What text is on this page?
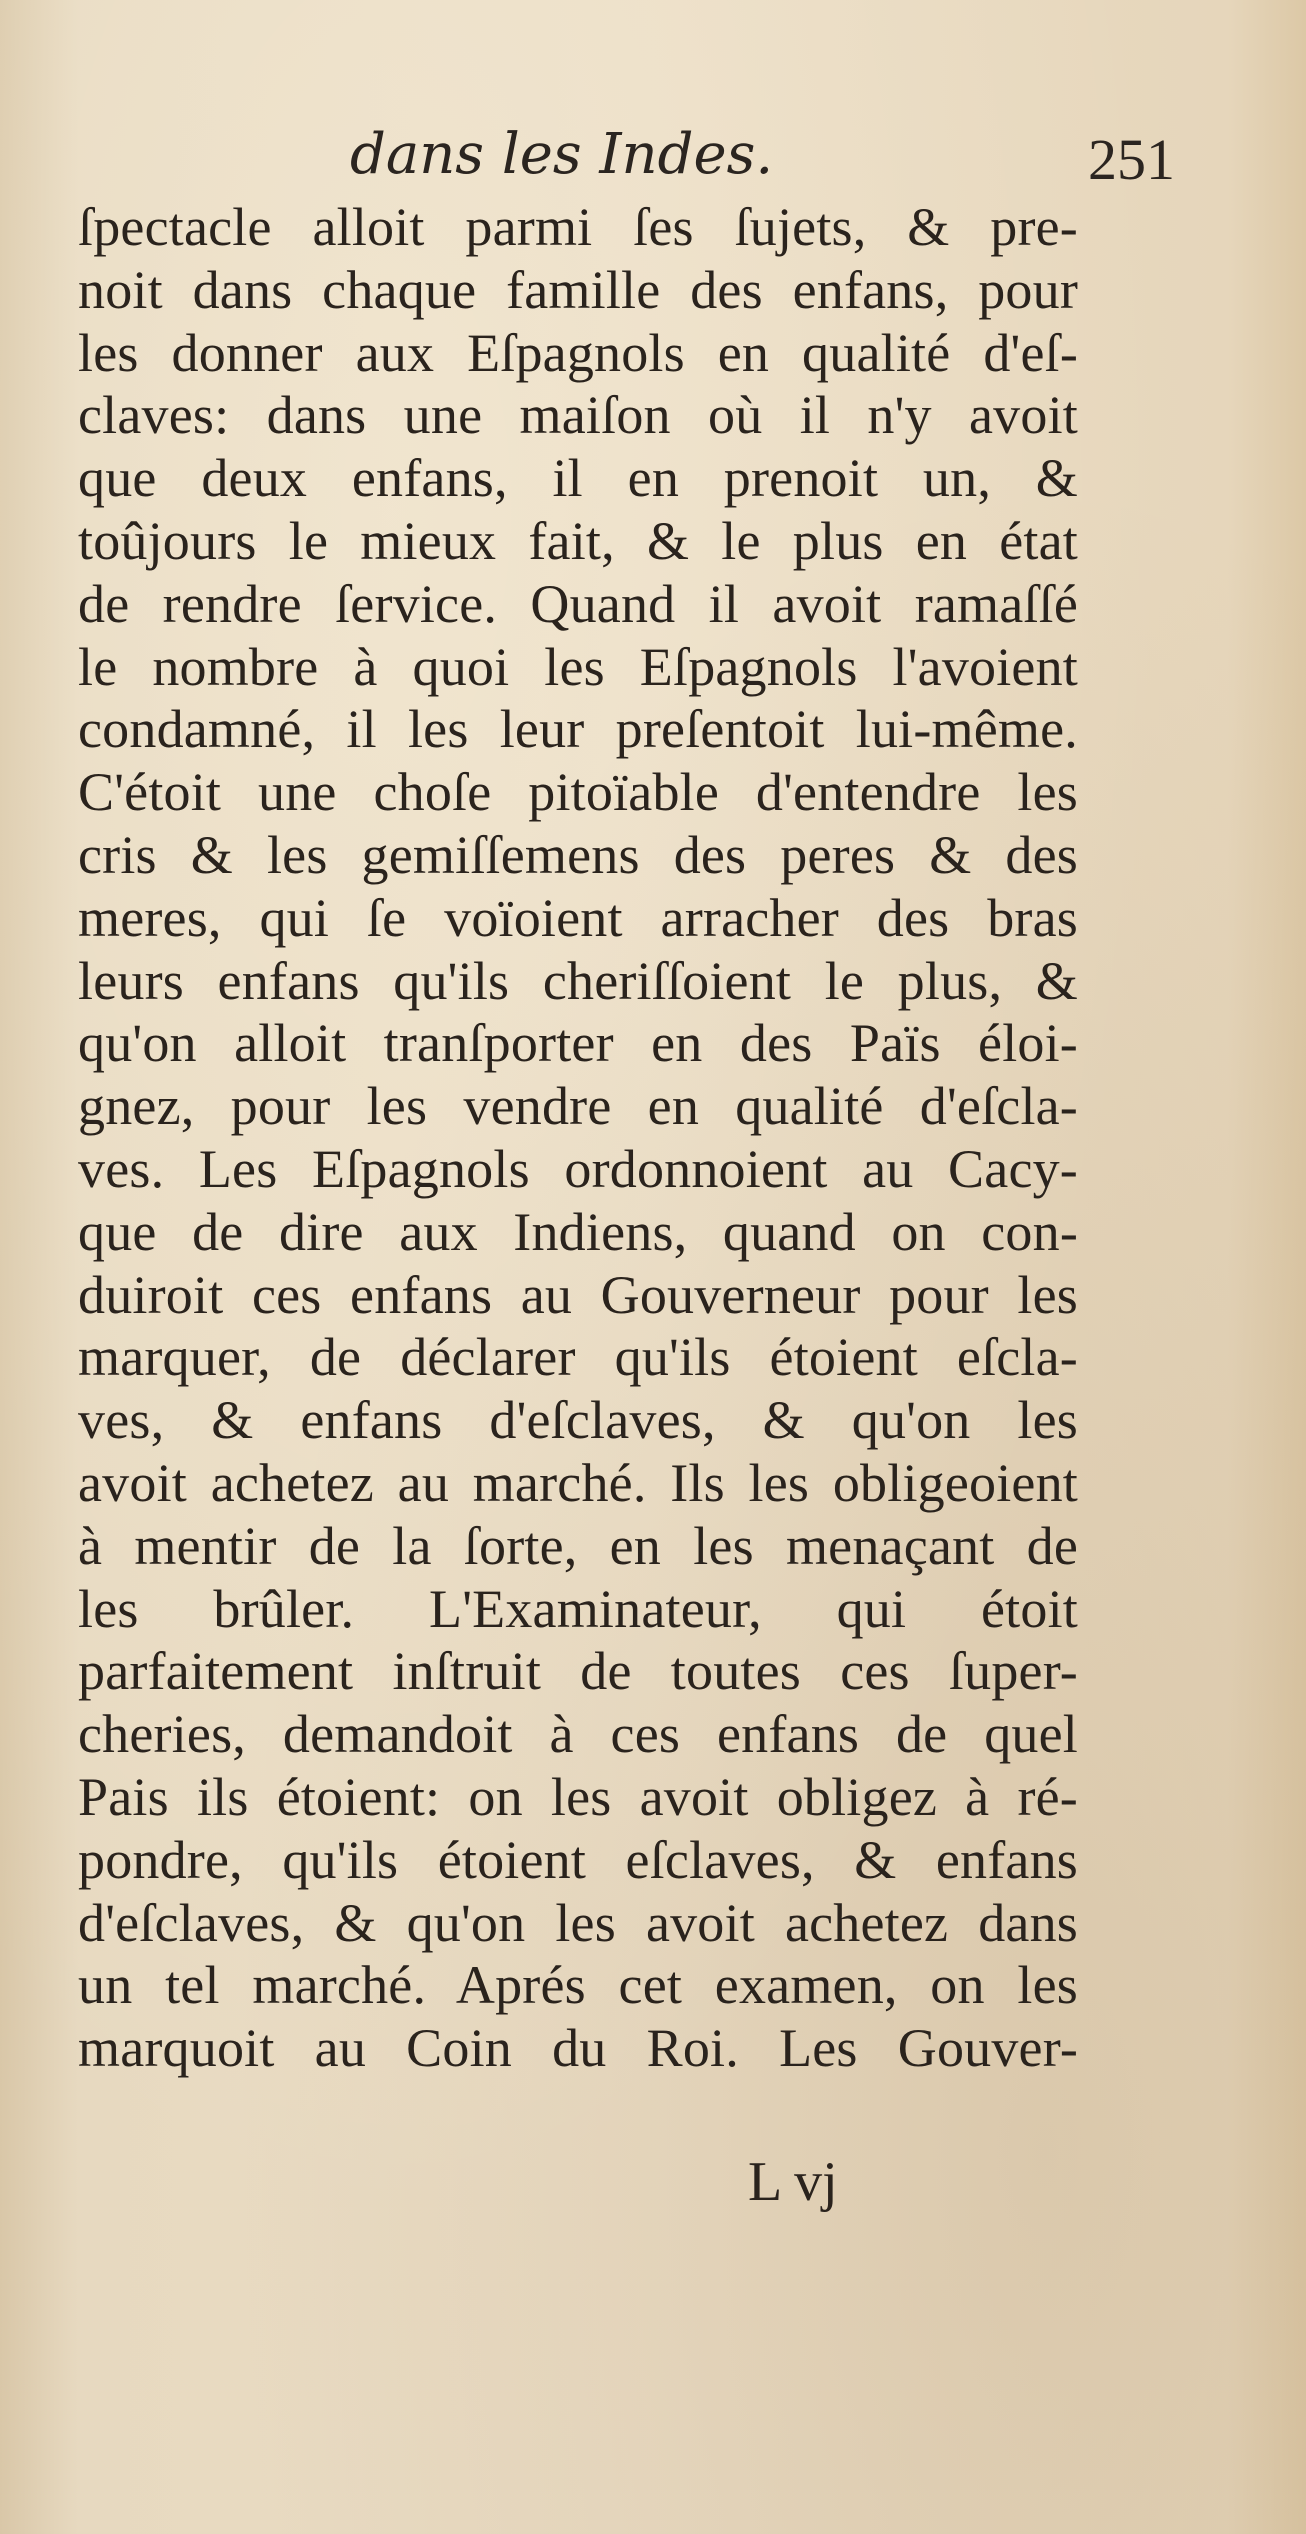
dans les Indes.	251
ſpectacle alloit parmi ſes ſujets, & pre-
noit dans chaque famille des enfans, pour
les donner aux Eſpagnols en qualité d'eſ-
claves: dans une maiſon où il n'y avoit
que deux enfans, il en prenoit un, &
toûjours le mieux fait, & le plus en état
de rendre ſervice. Quand il avoit ramaſſé
le nombre à quoi les Eſpagnols l'avoient
condamné, il les leur preſentoit lui-même.
C'étoit une choſe pitoïable d'entendre les
cris & les gemiſſemens des peres & des
meres, qui ſe voïoient arracher des bras
leurs enfans qu'ils cheriſſoient le plus, &
qu'on alloit tranſporter en des Païs éloi-
gnez, pour les vendre en qualité d'eſcla-
ves. Les Eſpagnols ordonnoient au Cacy-
que de dire aux Indiens, quand on con-
duiroit ces enfans au Gouverneur pour les
marquer, de déclarer qu'ils étoient eſcla-
ves, & enfans d'eſclaves, & qu'on les
avoit achetez au marché. Ils les obligeoient
à mentir de la ſorte, en les menaçant de
les brûler. L'Examinateur, qui étoit
parfaitement inſtruit de toutes ces ſuper-
cheries, demandoit à ces enfans de quel
Pais ils étoient: on les avoit obligez à ré-
pondre, qu'ils étoient eſclaves, & enfans
d'eſclaves, & qu'on les avoit achetez dans
un tel marché. Aprés cet examen, on les
marquoit au Coin du Roi. Les Gouver-
L vj
